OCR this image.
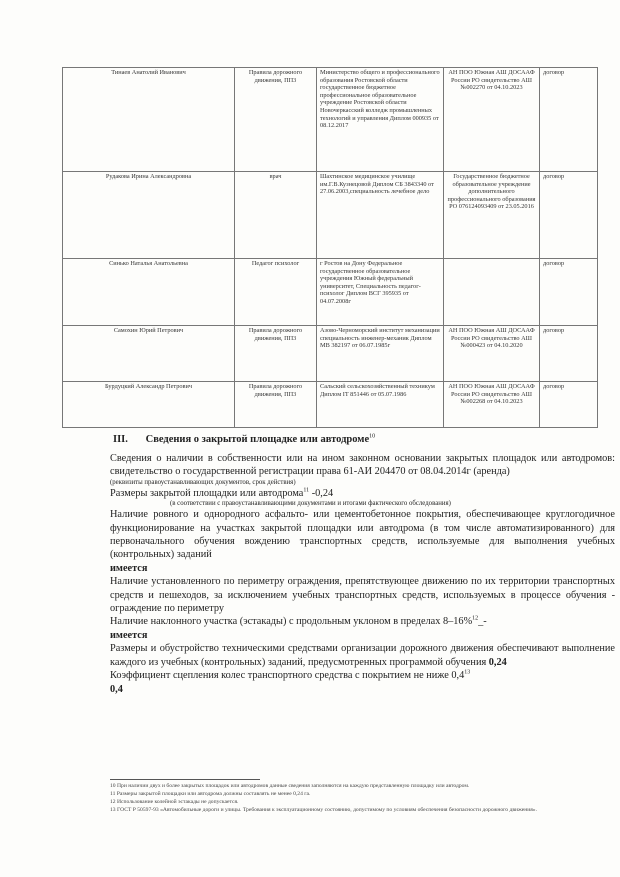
Тинаев Анатолий Иванович	Правила дорожного движения, ПП3	Министерство общего и профессионального образования Ростовской области государственное бюджетное профессиональное образовательное учреждение Ростовской области Новочеркасский колледж промышленных технологий и управления Диплом 000935 от 08.12.2017	АН ПОО Южная АШ ДОСААФ России РО свидетельство АШ №002270 от 04.10.2023	договор
Рудакова Ирина Александровна	врач	Шахтинское медицинское училище им.Г.В.Кузнецовой Диплом СБ 3843340 от 27.06.2003,специальность лечебное дело	Государственное бюджетное образовательное учреждение дополнительного профессионального образования РО 076124093409 от 23.05.2016	договор
Синько Наталья Анатольевна	Педагог психолог	г Ростов на Дону Федеральное государственное образовательное учреждения Южный федеральный университет, Специальность педагог-психолог Диплом ВСГ 395935 от 04.07.2008г		договор
Самохин Юрий Петрович	Правила дорожного движения, ПП3	Азово-Черноморский институт механизации специальность инженер-механик Диплом МВ 382197 от 06.07.1985г	АН ПОО Южная АШ ДОСААФ России РО свидетельство АШ №000423 от 04.10.2020	договор
Бурдуцкий Александр Петрович	Правила дорожного движения, ПП3	Сальский сельскохозяйственный техникум Диплом IT 851446 от 05.07.1986	АН ПОО Южная АШ ДОСААФ России РО свидетельство АШ №002268 от 04.10.2023	договор
III. Сведения о закрытой площадке или автодроме$^{10}$

Сведения о наличии в собственности или на ином законном основании закрытых площадок или автодромов: свидетельство о государственной регистрации права 61-АИ 204470 от 08.04.2014г (аренда)

(реквизиты правоустанавливающих документов, срок действия)

Размеры закрытой площадки или автодрома$^{11}$ -0,24

(в соответствии с правоустанавливающими документами и итогами фактического обследования)

Наличие ровного и однородного асфальто- или цементобетонное покрытия, обеспечивающее круглогодичное функционирование на участках закрытой площадки или автодрома (в том числе автоматизированного) для первоначального обучения вождению транспортных средств, используемые для выполнения учебных (контрольных) заданий

имеется

Наличие установленного по периметру ограждения, препятствующее движению по их территории транспортных средств и пешеходов, за исключением учебных транспортных средств, используемых в процессе обучения - ограждение по периметру

Наличие наклонного участка (эстакады) с продольным уклоном в пределах 8–16%$^{12}$_-

имеется

Размеры и обустройство техническими средствами организации дорожного движения обеспечивают выполнение каждого из учебных (контрольных) заданий, предусмотренных программой обучения 0,24

Коэффициент сцепления колес транспортного средства с покрытием не ниже $0,4^{13}$

0,4
10 При наличии двух и более закрытых площадок или автодромов данные сведения заполняются на каждую представленную площадку или автодром.
11 Размеры закрытой площадки или автодрома должны составлять не менее 0,24 га.
12 Использование колейной эстакады не допускается.
13 ГОСТ Р 50597-93 «Автомобильные дороги и улицы. Требования к эксплуатационному состоянию, допустимому по условиям обеспечения безопасности дорожного движения».
